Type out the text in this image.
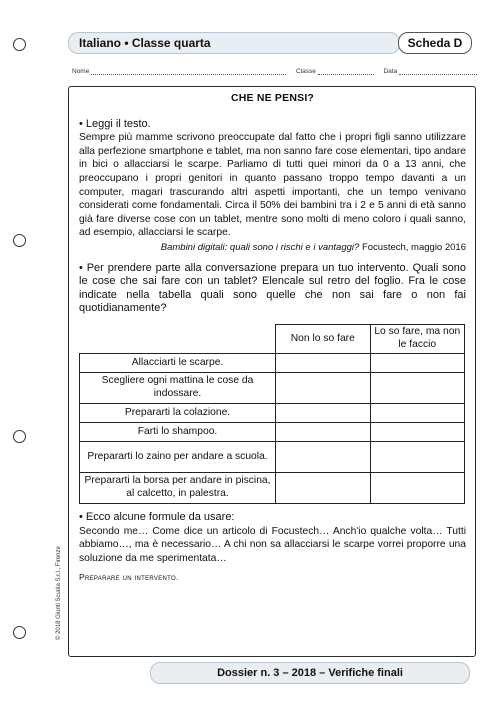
Italiano • Classe quarta	Scheda D
Nome	Classe	Data
CHE NE PENSI?

• Leggi il testo.

Sempre più mamme scrivono preoccupate dal fatto che i propri figli sanno utilizzare alla perfezione smartphone e tablet, ma non sanno fare cose elementari, tipo andare in bici o allacciarsi le scarpe. Parliamo di tutti quei minori da 0 a 13 anni, che preoccupano i propri genitori in quanto passano troppo tempo davanti a un computer, magari trascurando altri aspetti importanti, che un tempo venivano considerati come fondamentali. Circa il 50% dei bambini tra i 2 e 5 anni di età sanno già fare diverse cose con un tablet, mentre sono molti di meno coloro i quali sanno, ad esempio, allacciarsi le scarpe.

Bambini digitali: quali sono i rischi e i vantaggi? Focustech, maggio 2016

• Per prendere parte alla conversazione prepara un tuo intervento. Quali sono le cose che sai fare con un tablet? Elencale sul retro del foglio. Fra le cose indicate nella tabella quali sono quelle che non sai fare o non fai quotidianamente?

	Non lo so fare	Lo so fare, ma non le faccio
Allacciarti le scarpe.		
Scegliere ogni mattina le cose da indossare.		
Prepararti la colazione.		
Farti lo shampoo.		
Prepararti lo zaino per andare a scuola.		
Prepararti la borsa per andare in piscina, al calcetto, in palestra.		

• Ecco alcune formule da usare:

Secondo me… Come dice un articolo di Focustech… Anch'io qualche volta… Tutti abbiamo…, ma è necessario… A chi non sa allacciarsi le scarpe vorrei proporre una soluzione da me sperimentata…

Preparare un intervento.

Dossier n. 3 – 2018 – Verifiche finali
© 2018 Giunti Scuola S.r.l., Firenze
